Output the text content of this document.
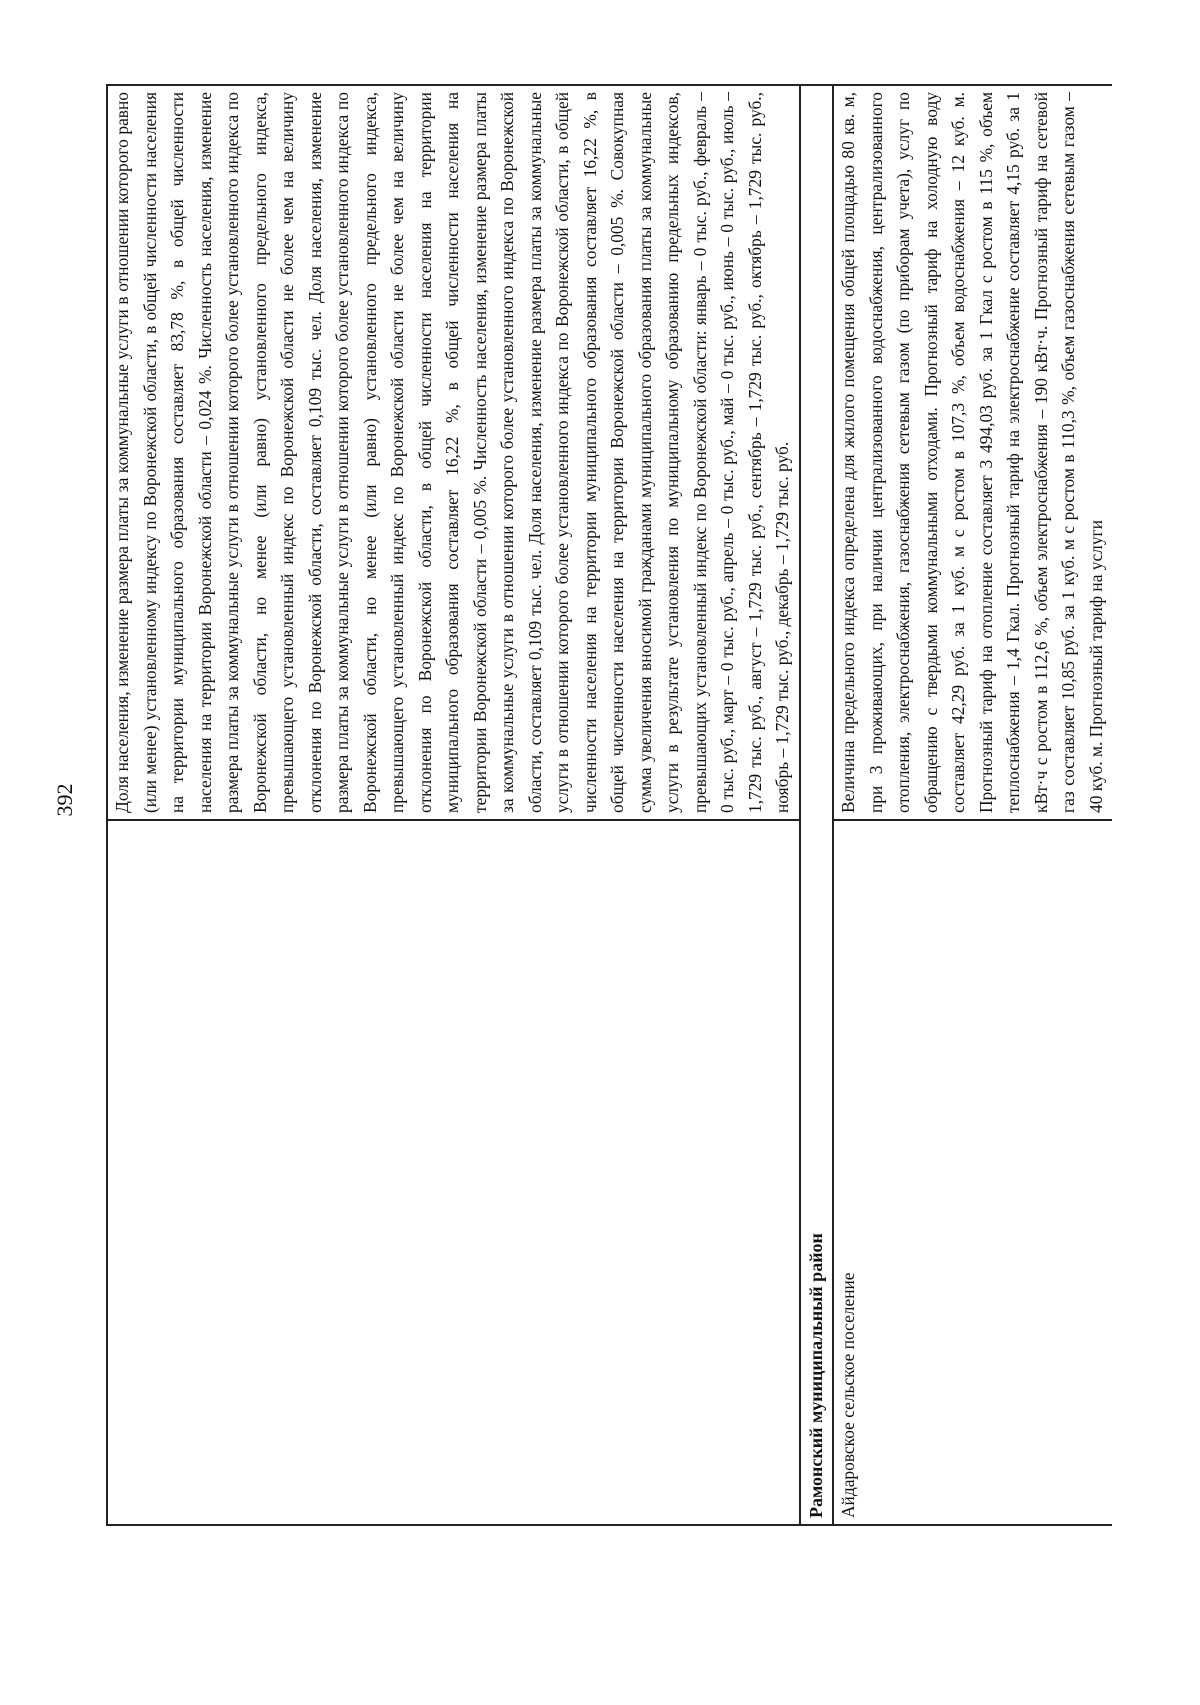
392
		Доля населения, изменение размера платы за коммунальные услуги в отношении которого равно (или менее) установленному индексу по Воронежской области, в общей численности населения на территории муниципального образования составляет 83,78 %, в общей численности населения на территории Воронежской области – 0,024 %. Численность населения, изменение размера платы за коммунальные услуги в отношении которого более установленного индекса по Воронежской области, но менее (или равно) установленного предельного индекса, превышающего установленный индекс по Воронежской области не более чем на величину отклонения по Воронежской области, составляет 0,109 тыс. чел. Доля населения, изменение размера платы за коммунальные услуги в отношении которого более установленного индекса по Воронежской области, но менее (или равно) установленного предельного индекса, превышающего установленный индекс по Воронежской области не более чем на величину отклонения по Воронежской области, в общей численности населения на территории муниципального образования составляет 16,22 %, в общей численности населения на территории Воронежской области – 0,005 %. Численность населения, изменение размера платы за коммунальные услуги в отношении которого более установленного индекса по Воронежской области, составляет 0,109 тыс. чел. Доля населения, изменение размера платы за коммунальные услуги в отношении которого более установленного индекса по Воронежской области, в общей численности населения на территории муниципального образования составляет 16,22 %, в общей численности населения на территории Воронежской области – 0,005 %. Совокупная сумма увеличения вносимой гражданами муниципального образования платы за коммунальные услуги в результате установления по муниципальному образованию предельных индексов, превышающих установленный индекс по Воронежской области: январь – 0 тыс. руб., февраль – 0 тыс. руб., март – 0 тыс. руб., апрель – 0 тыс. руб., май – 0 тыс. руб., июнь – 0 тыс. руб., июль – 1,729 тыс. руб., август – 1,729 тыс. руб., сентябрь – 1,729 тыс. руб., октябрь – 1,729 тыс. руб., ноябрь – 1,729 тыс. руб., декабрь – 1,729 тыс. руб.
Рамонский муниципальный район	
Айдаровское сельское поселение	Величина предельного индекса определена для жилого помещения общей площадью 80 кв. м, при 3 проживающих, при наличии централизованного водоснабжения, централизованного отопления, электроснабжения, газоснабжения сетевым газом (по приборам учета), услуг по обращению с твердыми коммунальными отходами. Прогнозный тариф на холодную воду составляет 42,29 руб. за 1 куб. м с ростом в 107,3 %, объем водоснабжения – 12 куб. м. Прогнозный тариф на отопление составляет 3 494,03 руб. за 1 Гкал с ростом в 115 %, объем теплоснабжения – 1,4 Гкал. Прогнозный тариф на электроснабжение составляет 4,15 руб. за 1 кВт·ч с ростом в 112,6 %, объем электроснабжения – 190 кВт·ч. Прогнозный тариф на сетевой газ составляет 10,85 руб. за 1 куб. м с ростом в 110,3 %, объем газоснабжения сетевым газом – 40 куб. м. Прогнозный тариф на услуги
